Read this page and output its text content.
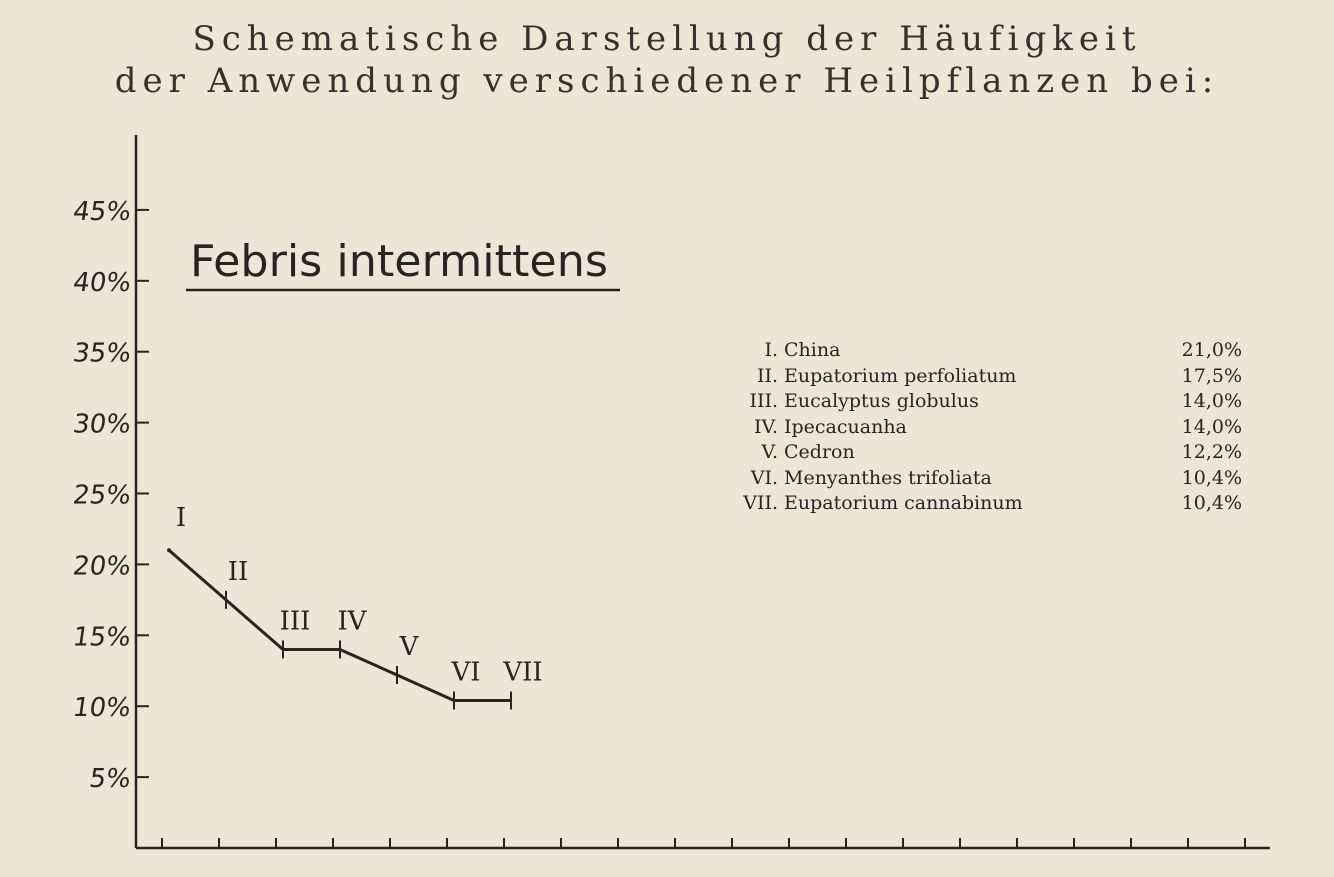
Schematische Darstellung der Häufigkeit
der Anwendung verschiedener Heilpflanzen bei:
5%
10%
15%
20%
25%
30%
35%
40%
45%
I
II
III IV
V
VI VII
Febris intermittens
I. China	21,0%
II. Eupatorium perfoliatum	17,5%
III. Eucalyptus globulus	14,0%
IV. Ipecacuanha	14,0%
V. Cedron	12,2%
VI. Menyanthes trifoliata	10,4%
VII. Eupatorium cannabinum	10,4%
